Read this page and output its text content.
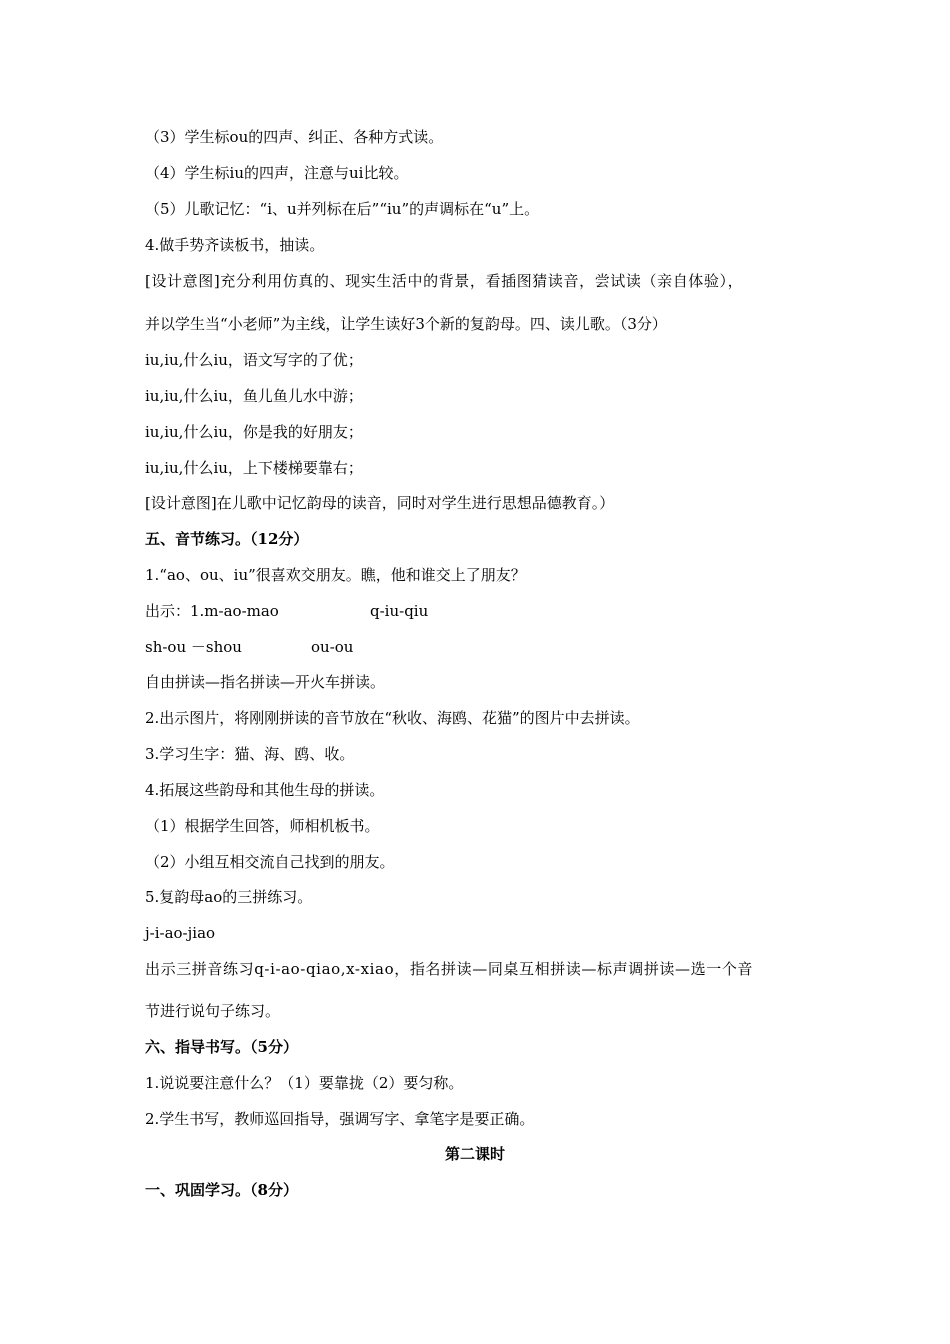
（3）学生标ou的四声、纠正、各种方式读。
（4）学生标iu的四声，注意与ui比较。
（5）儿歌记忆：“i、u并列标在后”“iu”的声调标在“u”上。
4.做手势齐读板书，抽读。
[设计意图]充分利用仿真的、现实生活中的背景，看插图猜读音，尝试读（亲自体验），
并以学生当“小老师”为主线，让学生读好3个新的复韵母。四、读儿歌。（3分）
iu,iu,什么iu，语文写字的了优；
iu,iu,什么iu，鱼儿鱼儿水中游；
iu,iu,什么iu，你是我的好朋友；
iu,iu,什么iu，上下楼梯要靠右；
[设计意图]在儿歌中记忆韵母的读音，同时对学生进行思想品德教育。）
五、音节练习。（12分）
1.“ao、ou、iu”很喜欢交朋友。瞧，他和谁交上了朋友？
出示：1.m-ao-mao	q-iu-qiu
sh-ou －shou	ou-ou
自由拼读—指名拼读—开火车拼读。
2.出示图片，将刚刚拼读的音节放在“秋收、海鸥、花猫”的图片中去拼读。
3.学习生字：猫、海、鸥、收。
4.拓展这些韵母和其他生母的拼读。
（1）根据学生回答，师相机板书。
（2）小组互相交流自己找到的朋友。
5.复韵母ao的三拼练习。
j-i-ao-jiao
出示三拼音练习q-i-ao-qiao,x-xiao，指名拼读—同桌互相拼读—标声调拼读—选一个音
节进行说句子练习。
六、指导书写。（5分）
1.说说要注意什么？（1）要靠拢（2）要匀称。
2.学生书写，教师巡回指导，强调写字、拿笔字是要正确。
第二课时
一、巩固学习。（8分）
